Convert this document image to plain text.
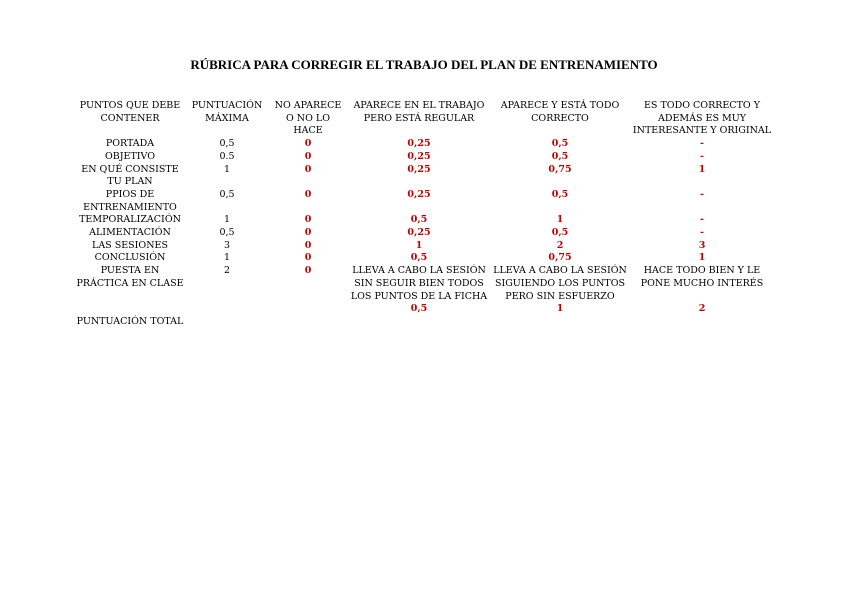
RÚBRICA PARA CORREGIR EL TRABAJO DEL PLAN DE ENTRENAMIENTO
PUNTOS QUE DEBE CONTENER	PUNTUACIÓN MÁXIMA	NO APARECE O NO LO HACE	APARECE EN EL TRABAJO PERO ESTÁ REGULAR	APARECE Y ESTÁ TODO CORRECTO	ES TODO CORRECTO Y ADEMÁS ES MUY INTERESANTE Y ORIGINAL
PORTADA	0,5	0	0,25	0,5	-
OBJETIVO	0.5	0	0,25	0,5	-
EN QUÉ CONSISTE TU PLAN	1	0	0,25	0,75	1
PPIOS DE ENTRENAMIENTO	0,5	0	0,25	0,5	-
TEMPORALIZACIÓN	1	0	0,5	1	-
ALIMENTACIÓN	0,5	0	0,25	0,5	-
LAS SESIONES	3	0	1	2	3
CONCLUSIÓN	1	0	0,5	0,75	1
PUESTA EN PRÁCTICA EN CLASE	2	0	LLEVA A CABO LA SESIÓN SIN SEGUIR BIEN TODOS LOS PUNTOS DE LA FICHA	LLEVA A CABO LA SESIÓN SIGUIENDO LOS PUNTOS PERO SIN ESFUERZO	HACE TODO BIEN Y LE PONE MUCHO INTERÉS
			0,5	1	2
PUNTUACIÓN TOTAL					
